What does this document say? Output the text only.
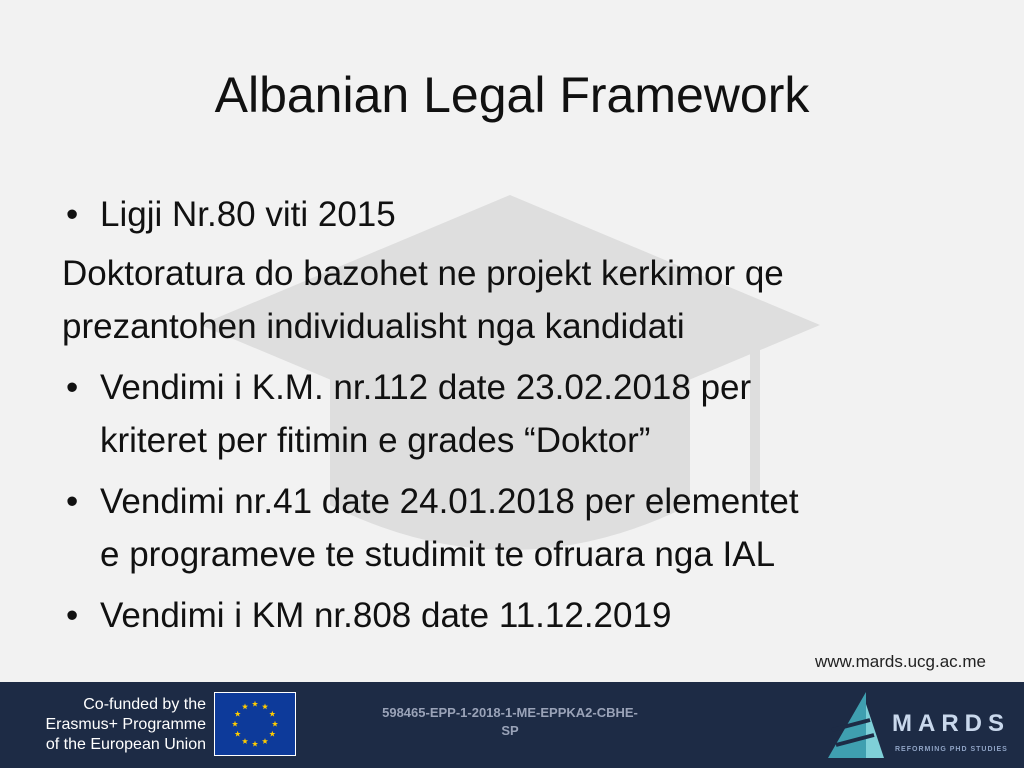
Albanian Legal Framework

• Ligji Nr.80 viti 2015

Doktoratura do bazohet ne projekt kerkimor qe
prezantohen individualisht nga kandidati

• Vendimi i K.M. nr.112 date 23.02.2018 per
kriteret per fitimin e grades “Doktor”

• Vendimi nr.41 date 24.01.2018 per elementet
e programeve te studimit te ofruara nga IAL

• Vendimi i KM nr.808 date 11.12.2019

www.mards.ucg.ac.me
Co-funded by the
Erasmus+ Programme
of the European Union
598465-EPP-1-2018-1-ME-EPPKA2-CBHE-
SP	MARDS
REFORMING PHD STUDIES
